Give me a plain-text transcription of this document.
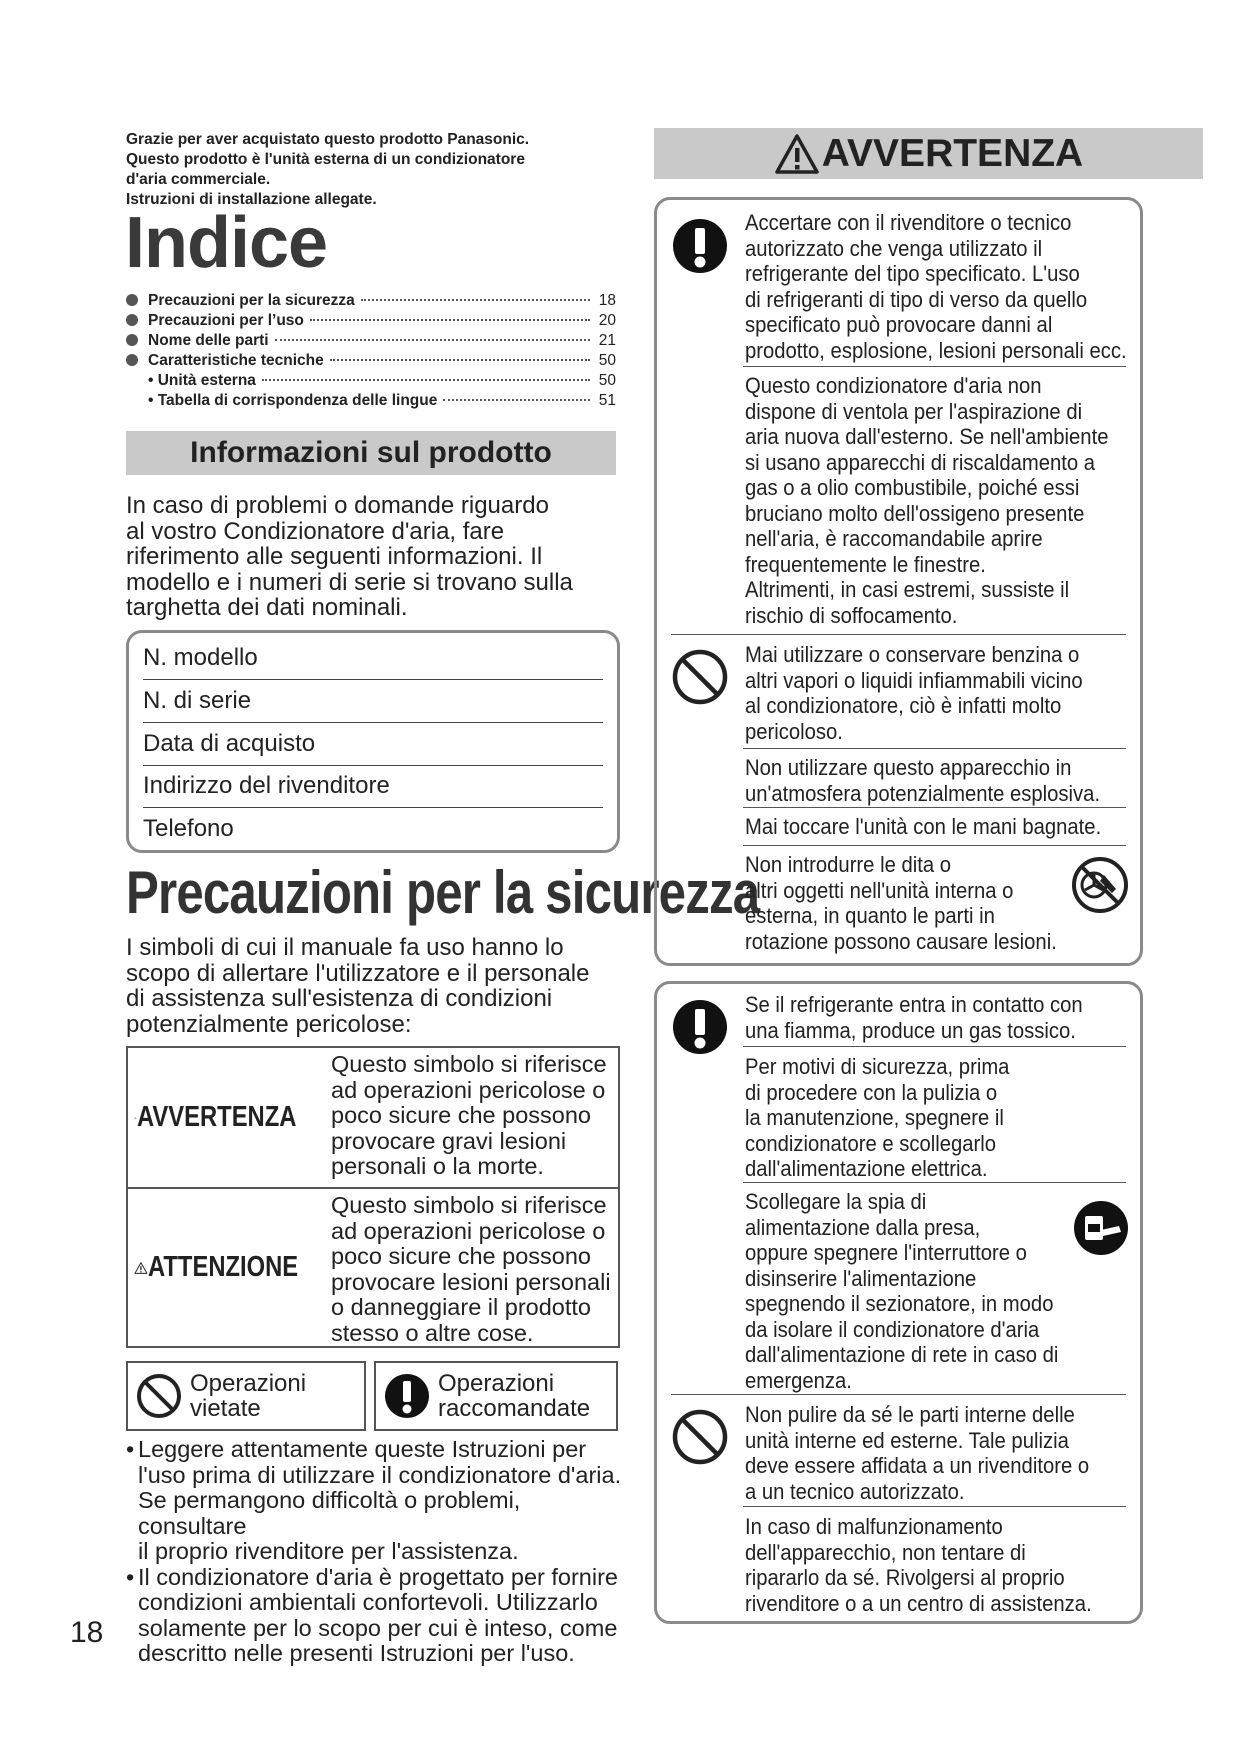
Grazie per aver acquistato questo prodotto Panasonic.
Questo prodotto è l'unità esterna di un condizionatore
d'aria commerciale.
Istruzioni di installazione allegate.
Indice
Precauzioni per la sicurezza	18
Precauzioni per l’uso	20
Nome delle parti	21
Caratteristiche tecniche	50
• Unità esterna	50
• Tabella di corrispondenza delle lingue	51
Informazioni sul prodotto
In caso di problemi o domande riguardo
al vostro Condizionatore d'aria, fare
riferimento alle seguenti informazioni. Il
modello e i numeri di serie si trovano sulla
targhetta dei dati nominali.
N. modello
N. di serie
Data di acquisto
Indirizzo del rivenditore
Telefono
Precauzioni per la sicurezza
I simboli di cui il manuale fa uso hanno lo
scopo di allertare l'utilizzatore e il personale
di assistenza sull'esistenza di condizioni
potenzialmente pericolose:
AVVERTENZA
Questo simbolo si riferisce
ad operazioni pericolose o
poco sicure che possono
provocare gravi lesioni
personali o la morte.
ATTENZIONE
Questo simbolo si riferisce
ad operazioni pericolose o
poco sicure che possono
provocare lesioni personali
o danneggiare il prodotto
stesso o altre cose.
Operazioni
vietate
Operazioni
raccomandate
• Leggere attentamente queste Istruzioni per
l'uso prima di utilizzare il condizionatore d'aria.
Se permangono difficoltà o problemi, consultare
il proprio rivenditore per l'assistenza.
• Il condizionatore d'aria è progettato per fornire
condizioni ambientali confortevoli. Utilizzarlo
solamente per lo scopo per cui è inteso, come
descritto nelle presenti Istruzioni per l'uso.
18
AVVERTENZA
Accertare con il rivenditore o tecnico
autorizzato che venga utilizzato il
refrigerante del tipo specificato. L'uso
di refrigeranti di tipo di verso da quello
specificato può provocare danni al
prodotto, esplosione, lesioni personali ecc.
Questo condizionatore d'aria non
dispone di ventola per l'aspirazione di
aria nuova dall'esterno. Se nell'ambiente
si usano apparecchi di riscaldamento a
gas o a olio combustibile, poiché essi
bruciano molto dell'ossigeno presente
nell'aria, è raccomandabile aprire
frequentemente le finestre.
Altrimenti, in casi estremi, sussiste il
rischio di soffocamento.
Mai utilizzare o conservare benzina o
altri vapori o liquidi infiammabili vicino
al condizionatore, ciò è infatti molto
pericoloso.
Non utilizzare questo apparecchio in
un'atmosfera potenzialmente esplosiva.
Mai toccare l'unità con le mani bagnate.
Non introdurre le dita o
altri oggetti nell'unità interna o
esterna, in quanto le parti in
rotazione possono causare lesioni.
Se il refrigerante entra in contatto con
una fiamma, produce un gas tossico.
Per motivi di sicurezza, prima
di procedere con la pulizia o
la manutenzione, spegnere il
condizionatore e scollegarlo
dall'alimentazione elettrica.
Scollegare la spia di
alimentazione dalla presa,
oppure spegnere l'interruttore o
disinserire l'alimentazione
spegnendo il sezionatore, in modo
da isolare il condizionatore d'aria
dall'alimentazione di rete in caso di
emergenza.
Non pulire da sé le parti interne delle
unità interne ed esterne. Tale pulizia
deve essere affidata a un rivenditore o
a un tecnico autorizzato.
In caso di malfunzionamento
dell'apparecchio, non tentare di
ripararlo da sé. Rivolgersi al proprio
rivenditore o a un centro di assistenza.
